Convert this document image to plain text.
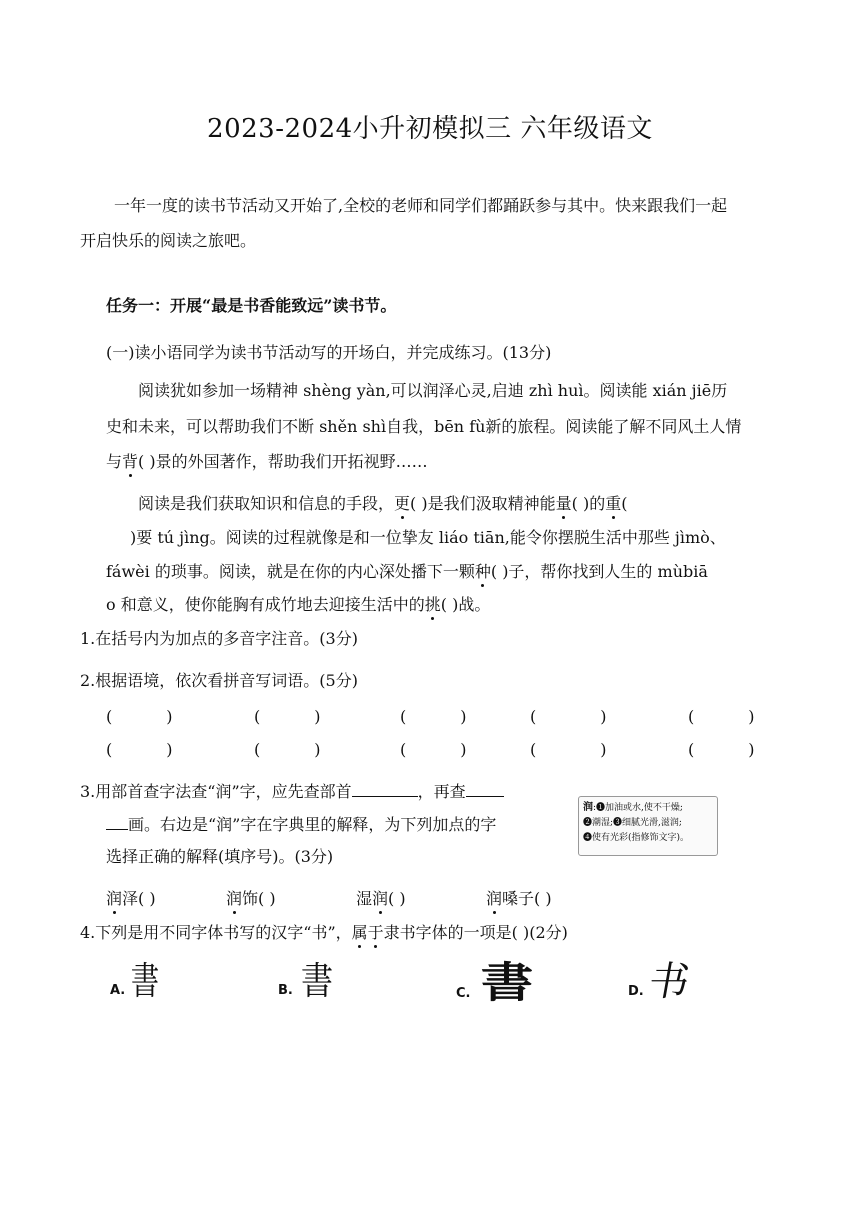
2023-2024小升初模拟三 六年级语文
一年一度的读书节活动又开始了,全校的老师和同学们都踊跃参与其中。快来跟我们一起
开启快乐的阅读之旅吧。
任务一：开展“最是书香能致远”读书节。
(一)读小语同学为读书节活动写的开场白，并完成练习。(13分)
阅读犹如参加一场精神 shèng yàn,可以润泽心灵,启迪 zhì huì。阅读能 xián jiē历
史和未来，可以帮助我们不断 shěn shì自我，bēn fù新的旅程。阅读能了解不同风土人情
与背( )景的外国著作，帮助我们开拓视野……
阅读是我们获取知识和信息的手段，更( )是我们汲取精神能量( )的重(
)要 tú jìng。阅读的过程就像是和一位挚友 liáo tiān,能令你摆脱生活中那些 jìmò、
fáwèi 的琐事。阅读，就是在你的内心深处播下一颗种( )子，帮你找到人生的 mùbiā
o 和意义，使你能胸有成竹地去迎接生活中的挑( )战。
1.在括号内为加点的多音字注音。(3分)
2.根据语境，依次看拼音写词语。(5分)
(	)	(	)	(	)	(	)	(	)
(	)	(	)	(	)	(	)	(	)
3.用部首查字法查“润”字，应先查部首	，再查
画。右边是“润”字在字典里的解释，为下列加点的字
选择正确的解释(填序号)。(3分)
润:❶加油或水,使不干燥;
❷潮湿;❸细腻光滑,滋润;
❹使有光彩(指修饰文字)。
润泽( )	润饰( )	湿润( )	润嗓子( )
4.下列是用不同字体书写的汉字“书”，属于隶书字体的一项是( )(2分)
A. 書	B. 書	C. 書	D. 书
